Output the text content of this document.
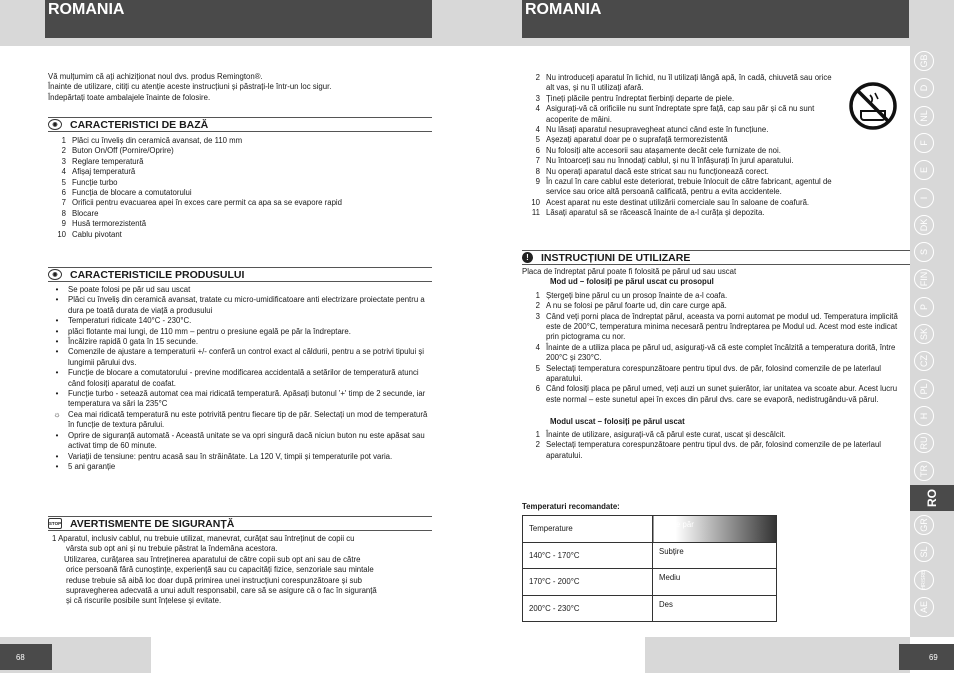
ROMANIA
Vă mulțumim că ați achiziționat noul dvs. produs Remington®.
Înainte de utilizare, citiți cu atenție aceste instrucțiuni și păstrați-le într-un loc sigur.
Îndepărtați toate ambalajele înainte de folosire.
◉	CARACTERISTICI DE BAZĂ
1 Plăci cu înveliș din ceramică avansat, de 110 mm
2 Buton On/Off (Pornire/Oprire)
3 Reglare temperatură
4 Afișaj temperatură
5 Funcție turbo
6 Funcția de blocare a comutatorului
7 Orificii pentru evacuarea apei în exces care permit ca apa sa se evapore rapid
8 Blocare
9 Husă termorezistentă
10 Cablu pivotant
◉	CARACTERISTICILE PRODUSULUI
•	Se poate folosi pe păr ud sau uscat
•	Plăci cu înveliș din ceramică avansat, tratate cu micro-umidificatoare anti electrizare proiectate pentru a dura pe toată durata de viață a produsului
•	Temperaturi ridicate 140°C - 230°C.
•	plăci flotante mai lungi, de 110 mm – pentru o presiune egală pe păr la îndreptare.
•	Încălzire rapidă 0 gata în 15 secunde.
•	Comenzile de ajustare a temperaturii +/- conferă un control exact al căldurii, pentru a se potrivi tipului și lungimii părului dvs.
•	Funcție de blocare a comutatorului - previne modificarea accidentală a setărilor de temperatură atunci când folosiți aparatul de coafat.
•	Funcție turbo - setează automat cea mai ridicată temperatură. Apăsați butonul '+' timp de 2 secunde, iar temperatura va sări la 235°C
☼ Cea mai ridicată temperatură nu este potrivită pentru fiecare tip de păr. Selectați un mod de temperatură în funcție de textura părului.
•	Oprire de siguranță automată - Această unitate se va opri singură dacă niciun buton nu este apăsat sau activat timp de 60 minute.
•	Variații de tensiune: pentru acasă sau în străinătate. La 120 V, timpii și temperaturile pot varia.
•	5 ani garanție
STOP AVERTISMENTE DE SIGURANȚĂ
1 Aparatul, inclusiv cablul, nu trebuie utilizat, manevrat, curățat sau întreținut de copii cu
vârsta sub opt ani și nu trebuie păstrat la îndemâna acestora.
Utilizarea, curățarea sau întreținerea aparatului de către copii sub opt ani sau de către
orice persoană fără cunoștințe, experiență sau cu capacități fizice, senzoriale sau mintale
reduse trebuie să aibă loc doar după primirea unei instrucțiuni corespunzătoare și sub
supravegherea adecvată a unui adult responsabil, care să se asigure că o fac în siguranță
și că riscurile posibile sunt înțelese și evitate.
68
ROMANIA
2 Nu introduceți aparatul în lichid, nu îl utilizați lângă apă, în cadă, chiuvetă sau orice alt vas, și nu îl utilizați afară.
3 Țineți plăcile pentru îndreptat fierbinți departe de piele.
4 Asigurați-vă că orificiile nu sunt îndreptate spre față, cap sau păr și că nu sunt acoperite de mâini.
4 Nu lăsați aparatul nesupravegheat atunci când este în funcțiune.
5 Așezați aparatul doar pe o suprafață termorezistentă
6 Nu folosiți alte accesorii sau atașamente decât cele furnizate de noi.
7 Nu întoarceți sau nu înnodați cablul, și nu îl înfășurați în jurul aparatului.
8 Nu operați aparatul dacă este stricat sau nu funcționează corect.
9 În cazul în care cablul este deteriorat, trebuie înlocuit de către fabricant, agentul de service sau orice altă persoană calificată, pentru a evita accidentele.
10 Acest aparat nu este destinat utilizării comerciale sau în saloane de coafură.
11 Lăsați aparatul să se răcească înainte de a-l curăța și depozita.
!	INSTRUCȚIUNI DE UTILIZARE
Placa de îndreptat părul poate fi folosită pe părul ud sau uscat
Mod ud – folosiți pe părul uscat cu prosopul
1 Ștergeți bine părul cu un prosop înainte de a-l coafa.
2 A nu se folosi pe părul foarte ud, din care curge apă.
3 Când veți porni placa de îndreptat părul, aceasta va porni automat pe modul ud. Temperatura implicită este de 200°C, temperatura minima necesară pentru îndreptarea pe Modul ud. Acest mod este indicat prin pictograma cu nor.
4 Înainte de a utiliza placa pe părul ud, asigurați-vă că este complet încălzită a temperatura dorită, între 200°C și 230°C.
5 Selectați temperatura corespunzătoare pentru tipul dvs. de păr, folosind comenzile de pe laterlaul aparatului.
6 Când folosiți placa pe părul umed, veți auzi un sunet șuierător, iar unitatea va scoate abur. Acest lucru este normal – este sunetul apei în exces din părul dvs. care se evaporă, nedistrugându-vă părul.
Modul uscat – folosiți pe părul uscat
1 Înainte de utilizare, asigurați-vă că părul este curat, uscat și descâlcit.
2 Selectați temperatura corespunzătoare pentru tipul dvs. de păr, folosind comenzile de pe laterlaul aparatului.
Temperaturi recomandate:
Temperature	Tip de păr
140°C - 170°C	Subțire
170°C - 200°C	Mediu
200°C - 230°C	Des
69
GB
D
NL
F
E
I
DK
S
FIN
P
SK
CZ
PL
H
RU
TR
RO
GR
SL
HR/SRB
AE
